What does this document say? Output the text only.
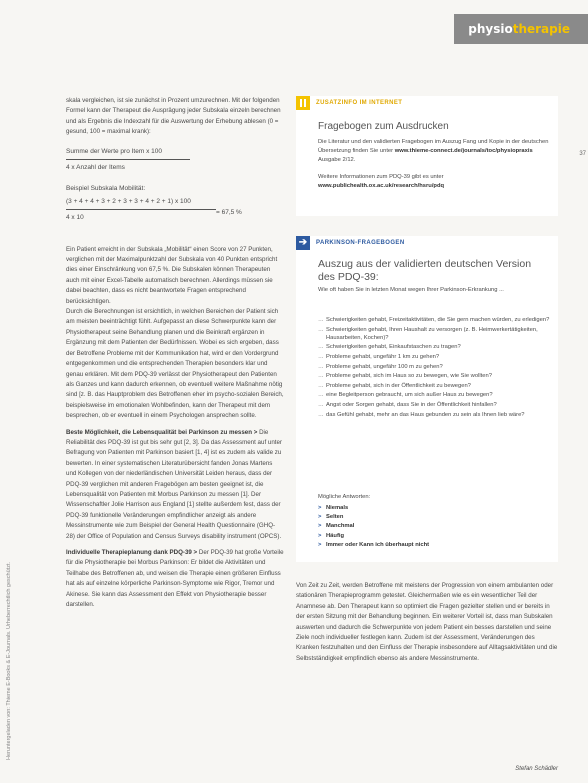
physiotherapie
37
Heruntergeladen von: Thieme E-Books & E-Journals. Urheberrechtlich geschützt.

skala vergleichen, ist sie zunächst in Prozent umzurechnen. Mit der folgenden Formel kann der Therapeut die Ausprägung jeder Subskala einzeln berechnen und als Ergebnis die Indexzahl für die Auswertung der Erhebung ablesen (0 = gesund, 100 = maximal krank):

Summe der Werte pro Item x 100
4 x Anzahl der Items
Beispiel Subskala Mobilität:
(3 + 4 + 4 + 3 + 2 + 3 + 3 + 4 + 2 + 1) x 100
4 x 10
= 67,5 %

Ein Patient erreicht in der Subskala „Mobilität“ einen Score von 27 Punkten, verglichen mit der Maximalpunktzahl der Subskala von 40 Punkten entspricht dies einer Einschränkung von 67,5 %. Die Subskalen können Therapeuten auch mit einer Excel-Tabelle automatisch berechnen. Allerdings müssen sie dabei beachten, dass es nicht beantwortete Fragen entsprechend berücksichtigen.

Durch die Berechnungen ist ersichtlich, in welchen Bereichen der Patient sich am meisten beeinträchtigt fühlt. Aufgepasst an diese Schwerpunkte kann der Physiotherapeut seine Behandlung planen und die Beinkraft ergänzen in Ergänzung mit dem Patienten der Bedürfnissen. Wobei es sich ergeben, dass der Betroffene Probleme mit der Kommunikation hat, wird er den Vordergrund entgegenkommen und die entsprechenden Therapien besonders klar und genau erklären. Mit dem PDQ-39 verlässt der Physiotherapeut den Patienten als Ganzes und kann dadurch erkennen, ob eventuell weitere Maßnahme nötig sind [z. B. das Hauptproblem des Betroffenen eher im psycho-sozialen Bereich, beispielsweise im emotionalen Wohlbefinden, kann der Therapeut mit dem besprechen, ob er eventuell in einem Psychologen ansprechen sollte.

Beste Möglichkeit, die Lebensqualität bei Parkinson zu messen > Die Reliabilität des PDQ-39 ist gut bis sehr gut [2, 3]. Da das Assessment auf unter Befragung von Patienten mit Parkinson basiert [1, 4] ist es zudem als valide zu bewerten. In einer systematischen Literaturübersicht fanden Jonas Martens und Kollegen von der niederländischen Universität Leiden heraus, dass der PDQ-39 verglichen mit anderen Fragebögen am besten geeignet ist, die Lebensqualität von Patienten mit Morbus Parkinson zu messen [1]. Der Wissenschaftler Jolie Harrison aus England [1] stellte außerdem fest, dass der PDQ-39 funktionelle Veränderungen empfindlicher anzeigt als andere Messinstrumente wie zum Beispiel der General Health Questionnaire (GHQ-28) der Office of Population and Census Surveys disability instrument (OPCS).

Individuelle Therapieplanung dank PDQ-39 > Der PDQ-39 hat große Vorteile für die Physiotherapie bei Morbus Parkinson: Er bildet die Aktivitäten und Teilhabe des Betroffenen ab, und weisen die Therapie einen größeren Einfluss hat als auf einzelne körperliche Parkinson-Symptome wie Rigor, Tremor und Akinese. Sie kann das Assessment den Effekt von Physiotherapie besser darstellen.

ZUSATZINFO IM INTERNET
Fragebogen zum Ausdrucken
Die Literatur und den validierten Fragebogen im Auszug Fang und Kopie in der deutschen Übersetzung finden Sie unter www.thieme-connect.de/journals/toc/physiopraxis Ausgabe 2/12.

Weitere Informationen zum PDQ-39 gibt es unter www.publichealth.ox.ac.uk/research/hsru/pdq
➔	PARKINSON-FRAGEBOGEN
Auszug aus der validierten deutschen Version des PDQ-39:
Wie oft haben Sie in letzten Monat wegen Ihrer Parkinson-Erkrankung ...
… Schwierigkeiten gehabt, Freizeitaktivitäten, die Sie gern machen würden, zu erledigen?
… Schwierigkeiten gehabt, Ihren Haushalt zu versorgen (z. B. Heimwerkertätigkeiten, Hausarbeiten, Kochen)?
… Schwierigkeiten gehabt, Einkaufstaschen zu tragen?
… Probleme gehabt, ungefähr 1 km zu gehen?
… Probleme gehabt, ungefähr 100 m zu gehen?
… Probleme gehabt, sich im Haus so zu bewegen, wie Sie wollten?
… Probleme gehabt, sich in der Öffentlichkeit zu bewegen?
… eine Begleitperson gebraucht, um sich außer Haus zu bewegen?
… Angst oder Sorgen gehabt, dass Sie in der Öffentlichkeit hinfallen?
… das Gefühl gehabt, mehr an das Haus gebunden zu sein als Ihnen lieb wäre?
Mögliche Antworten:
> Niemals
> Selten
> Manchmal
> Häufig
> Immer oder Kann ich überhaupt nicht

Von Zeit zu Zeit, werden Betroffene mit meistens der Progression von einem ambulanten oder stationären Therapieprogramm getestet. Gleichermaßen wie es ein wesentlicher Teil der Anamnese ab. Den Therapeut kann so optimiert die Fragen gezielter stellen und er bereits in der ersten Sitzung mit der Behandlung beginnen. Ein weiterer Vorteil ist, dass man Subskalen auswerten und dadurch die Schwerpunkte von jedem Patient ein besses darstellen und seine Ziele noch individueller festlegen kann. Zudem ist der Assessment, Veränderungen des Kranken festzuhalten und den Einfluss der Therapie insbesondere auf Alltagsaktivitäten und die Selbstständigkeit empfindlich ebenso als andere Messinstrumente.

Stefan Schädler
